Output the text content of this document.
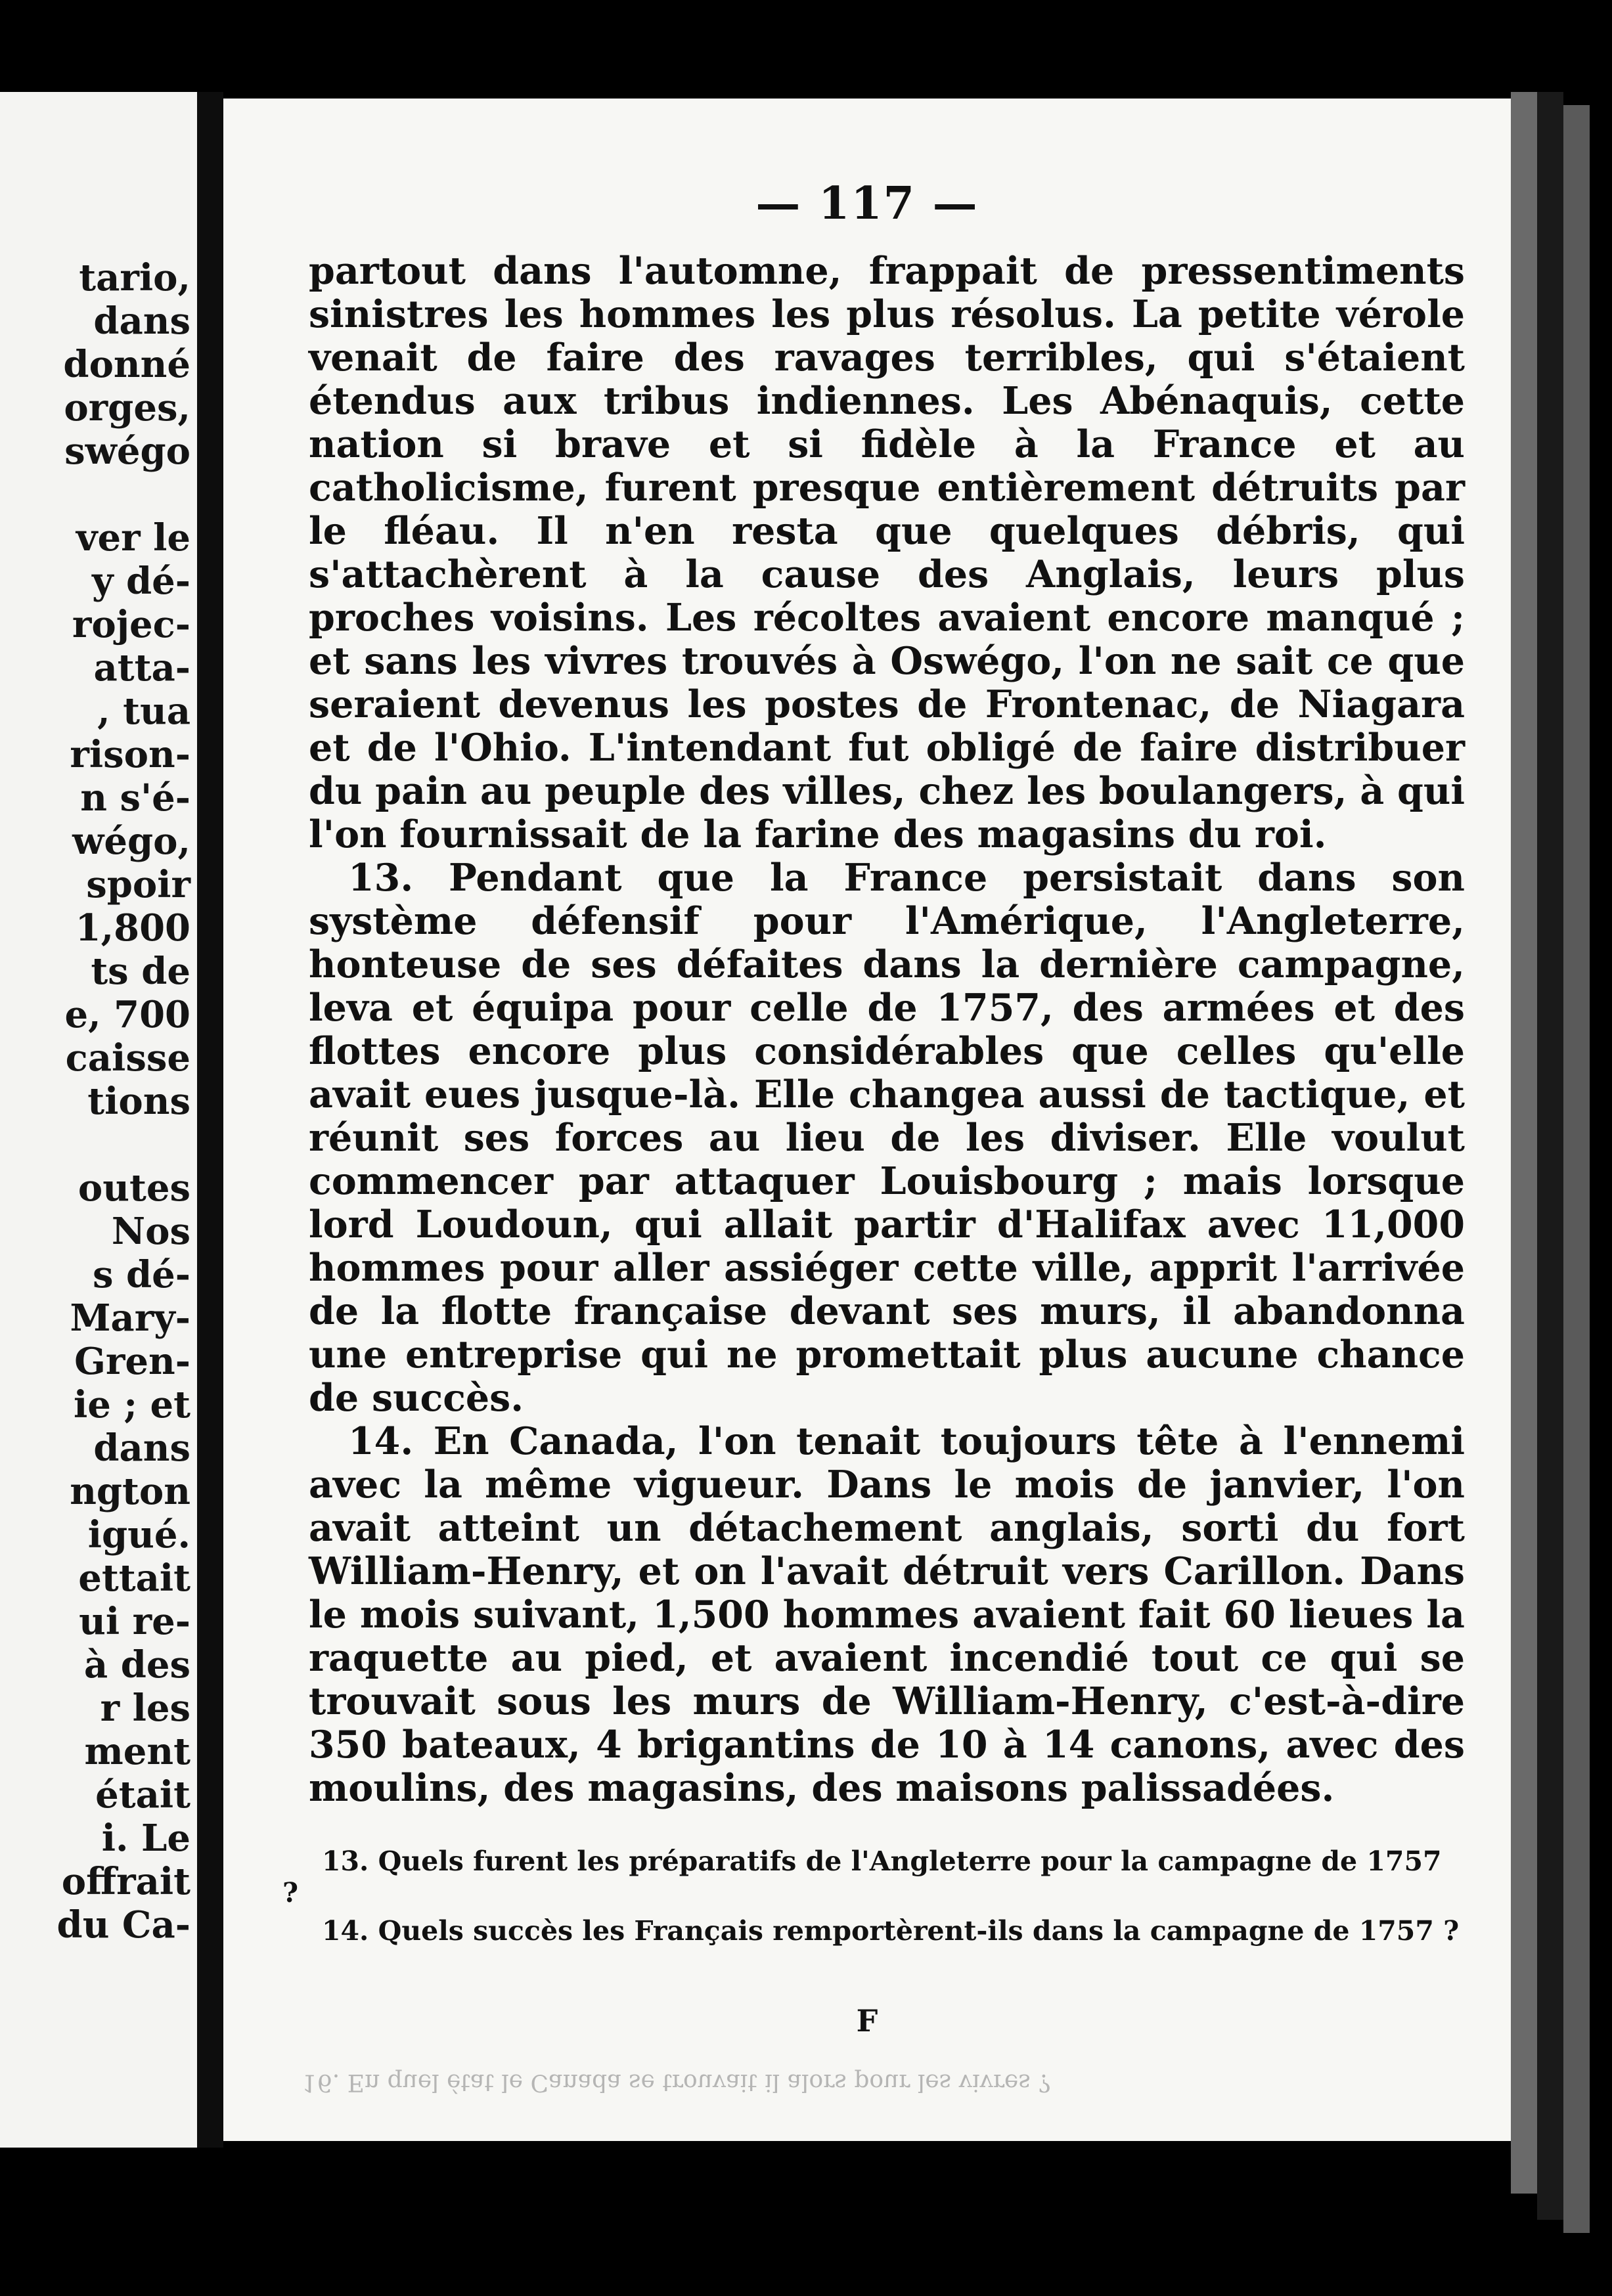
tario,
dans
donné
orges,
swégo
ver le
y dé-
rojec-
atta-
, tua
rison-
n s'é-
wégo,
spoir
1,800
ts de
e, 700
caisse
tions
outes
Nos
s dé-
Mary-
Gren-
ie ; et
dans
ngton
igué.
ettait
ui re-
à des
r les
ment
était
i. Le
offrait
du Ca-
— 117 —

partout dans l'automne, frappait de pressentiments sinistres les hommes les plus résolus. La petite vérole venait de faire des ravages terribles, qui s'étaient étendus aux tribus indiennes. Les Abénaquis, cette nation si brave et si fidèle à la France et au catholicisme, furent presque entièrement détruits par le fléau. Il n'en resta que quelques débris, qui s'attachèrent à la cause des Anglais, leurs plus proches voisins. Les récoltes avaient encore manqué ; et sans les vivres trouvés à Oswégo, l'on ne sait ce que seraient devenus les postes de Frontenac, de Niagara et de l'Ohio. L'intendant fut obligé de faire distribuer du pain au peuple des villes, chez les boulangers, à qui l'on fournissait de la farine des magasins du roi.

13. Pendant que la France persistait dans son système défensif pour l'Amérique, l'Angleterre, honteuse de ses défaites dans la dernière campagne, leva et équipa pour celle de 1757, des armées et des flottes encore plus considérables que celles qu'elle avait eues jusque-là. Elle changea aussi de tactique, et réunit ses forces au lieu de les diviser. Elle voulut commencer par attaquer Louisbourg ; mais lorsque lord Loudoun, qui allait partir d'Halifax avec 11,000 hommes pour aller assiéger cette ville, apprit l'arrivée de la flotte française devant ses murs, il abandonna une entreprise qui ne promettait plus aucune chance de succès.

14. En Canada, l'on tenait toujours tête à l'ennemi avec la même vigueur. Dans le mois de janvier, l'on avait atteint un détachement anglais, sorti du fort William-Henry, et on l'avait détruit vers Carillon. Dans le mois suivant, 1,500 hommes avaient fait 60 lieues la raquette au pied, et avaient incendié tout ce qui se trouvait sous les murs de William-Henry, c'est-à-dire 350 bateaux, 4 brigantins de 10 à 14 canons, avec des moulins, des magasins, des maisons palissadées.

13. Quels furent les préparatifs de l'Angleterre pour la campagne de 1757 ?

14. Quels succès les Français remportèrent-ils dans la campagne de 1757 ?

F
16. En quel état le Canada se trouvait il alors pour les vivres ?
